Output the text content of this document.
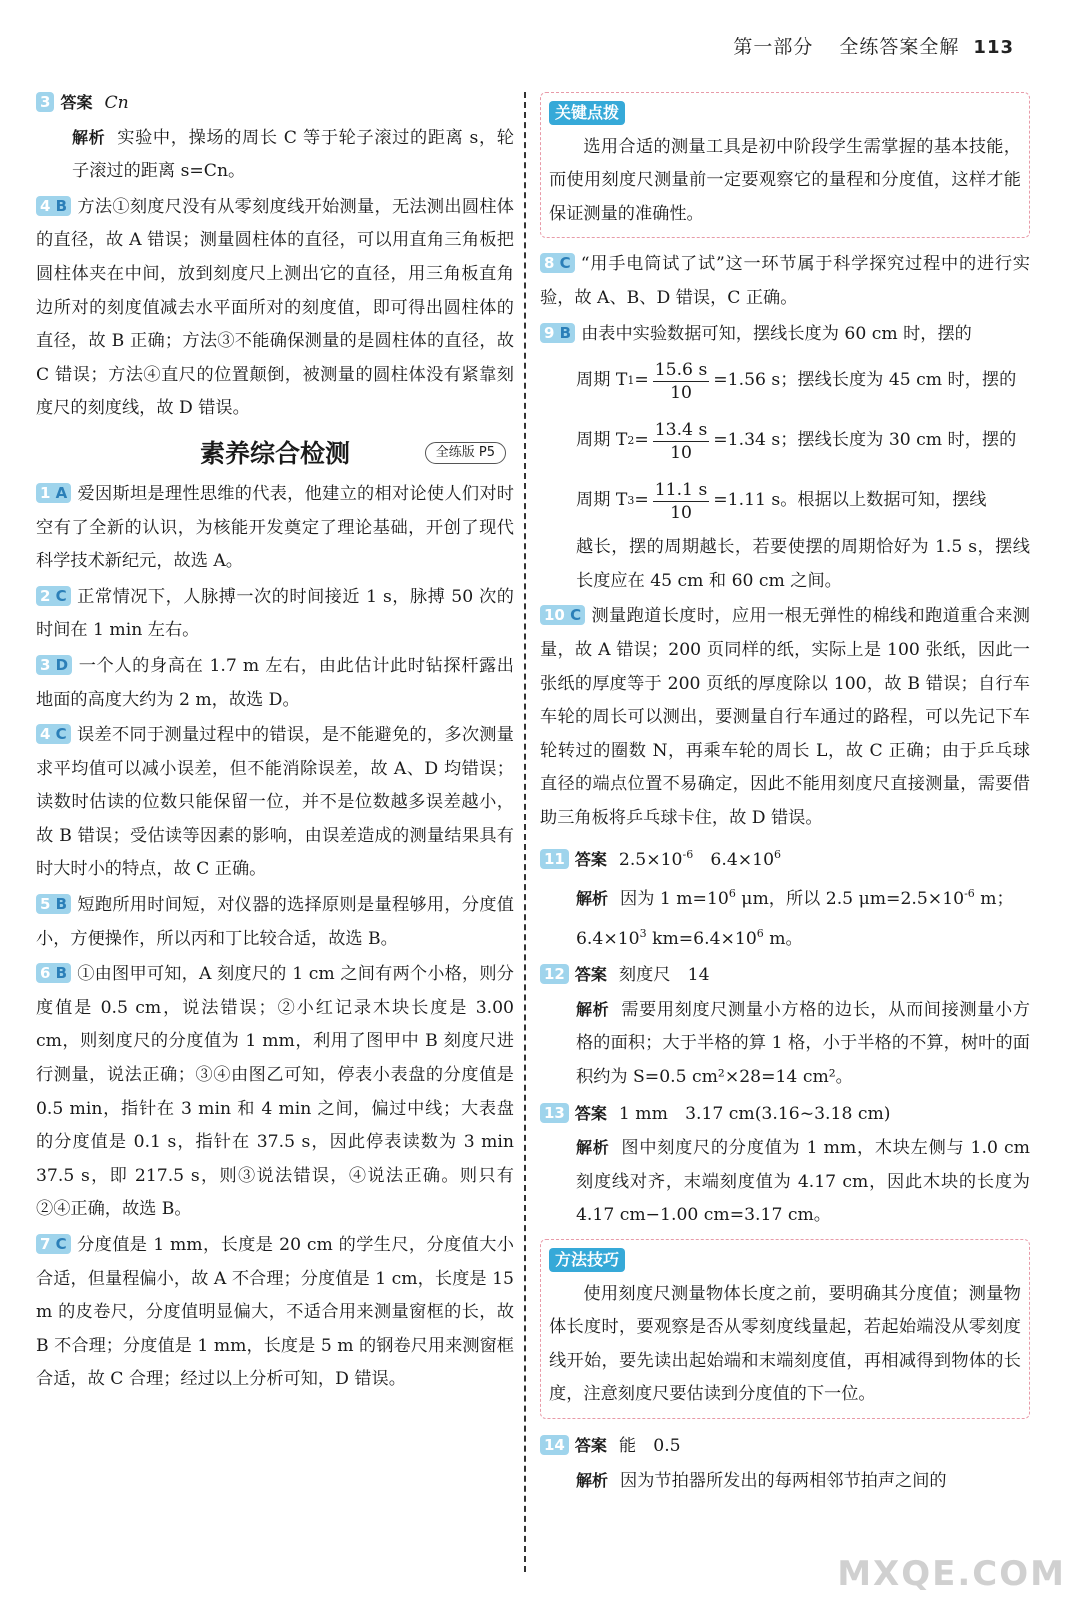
第一部分 全练答案全解 113
3 答案 Cn
解析 实验中，操场的周长 C 等于轮子滚过的距离 s，轮子滚过的距离 s=Cn。
4 B 方法①刻度尺没有从零刻度线开始测量，无法测出圆柱体的直径，故 A 错误；测量圆柱体的直径，可以用直角三角板把圆柱体夹在中间，放到刻度尺上测出它的直径，用三角板直角边所对的刻度值减去水平面所对的刻度值，即可得出圆柱体的直径，故 B 正确；方法③不能确保测量的是圆柱体的直径，故 C 错误；方法④直尺的位置颠倒，被测量的圆柱体没有紧靠刻度尺的刻度线，故 D 错误。
素养综合检测	全练版 P5
1 A 爱因斯坦是理性思维的代表，他建立的相对论使人们对时空有了全新的认识，为核能开发奠定了理论基础，开创了现代科学技术新纪元，故选 A。
2 C 正常情况下，人脉搏一次的时间接近 1 s，脉搏 50 次的时间在 1 min 左右。
3 D 一个人的身高在 1.7 m 左右，由此估计此时钻探杆露出地面的高度大约为 2 m，故选 D。
4 C 误差不同于测量过程中的错误，是不能避免的，多次测量求平均值可以减小误差，但不能消除误差，故 A、D 均错误；读数时估读的位数只能保留一位，并不是位数越多误差越小，故 B 错误；受估读等因素的影响，由误差造成的测量结果具有时大时小的特点，故 C 正确。
5 B 短跑所用时间短，对仪器的选择原则是量程够用，分度值小，方便操作，所以丙和丁比较合适，故选 B。
6 B ①由图甲可知，A 刻度尺的 1 cm 之间有两个小格，则分度值是 0.5 cm，说法错误；②小红记录木块长度是 3.00 cm，则刻度尺的分度值为 1 mm，利用了图甲中 B 刻度尺进行测量，说法正确；③④由图乙可知，停表小表盘的分度值是 0.5 min，指针在 3 min 和 4 min 之间，偏过中线；大表盘的分度值是 0.1 s，指针在 37.5 s，因此停表读数为 3 min 37.5 s，即 217.5 s，则③说法错误，④说法正确。则只有②④正确，故选 B。
7 C 分度值是 1 mm，长度是 20 cm 的学生尺，分度值大小合适，但量程偏小，故 A 不合理；分度值是 1 cm，长度是 15 m 的皮卷尺，分度值明显偏大，不适合用来测量窗框的长，故 B 不合理；分度值是 1 mm，长度是 5 m 的钢卷尺用来测窗框合适，故 C 合理；经过以上分析可知，D 错误。
关键点拨
选用合适的测量工具是初中阶段学生需掌握的基本技能，而使用刻度尺测量前一定要观察它的量程和分度值，这样才能保证测量的准确性。
8 C “用手电筒试了试”这一环节属于科学探究过程中的进行实验，故 A、B、D 错误，C 正确。
9 B 由表中实验数据可知，摆线长度为 60 cm 时，摆的
周期 T $1 = \frac{15.6 s}{10} =1.56$ s；摆线长度为 45 cm 时，摆的
周期 T $2 = \frac{13.4 s}{10} =1.34$ s；摆线长度为 30 cm 时，摆的
周期 T $3 = \frac{11.1 s}{10} =1.11$ s。根据以上数据可知，摆线
越长，摆的周期越长，若要使摆的周期恰好为 1.5 s，摆线长度应在 45 cm 和 60 cm 之间。
10 C 测量跑道长度时，应用一根无弹性的棉线和跑道重合来测量，故 A 错误；200 页同样的纸，实际上是 100 张纸，因此一张纸的厚度等于 200 页纸的厚度除以 100，故 B 错误；自行车车轮的周长可以测出，要测量自行车通过的路程，可以先记下车轮转过的圈数 N，再乘车轮的周长 L，故 C 正确；由于乒乓球直径的端点位置不易确定，因此不能用刻度尺直接测量，需要借助三角板将乒乓球卡住，故 D 错误。
11 答案 $2.5\times 10^{-6}$　 $6.4\times 10^6$
解析 因为 1 $m=10^6$ μm，所以 2.5 $\mu m=2.5\times 10^{-6}$ m；
$6.4\times 10^3$ $km=6.4\times 10^6$ m。
12 答案 刻度尺　14
解析 需要用刻度尺测量小方格的边长，从而间接测量小方格的面积；大于半格的算 1 格，小于半格的不算，树叶的面积约为 S=0.5 cm²×28=14 cm²。
13 答案 1 mm　3.17 cm(3.16~3.18 cm)
解析 图中刻度尺的分度值为 1 mm，木块左侧与 1.0 cm 刻度线对齐，末端刻度值为 4.17 cm，因此木块的长度为 4.17 cm−1.00 cm=3.17 cm。
方法技巧
使用刻度尺测量物体长度之前，要明确其分度值；测量物体长度时，要观察是否从零刻度线量起，若起始端没从零刻度线开始，要先读出起始端和末端刻度值，再相减得到物体的长度，注意刻度尺要估读到分度值的下一位。
14 答案 能　0.5
解析 因为节拍器所发出的每两相邻节拍声之间的
MXQE.COM
